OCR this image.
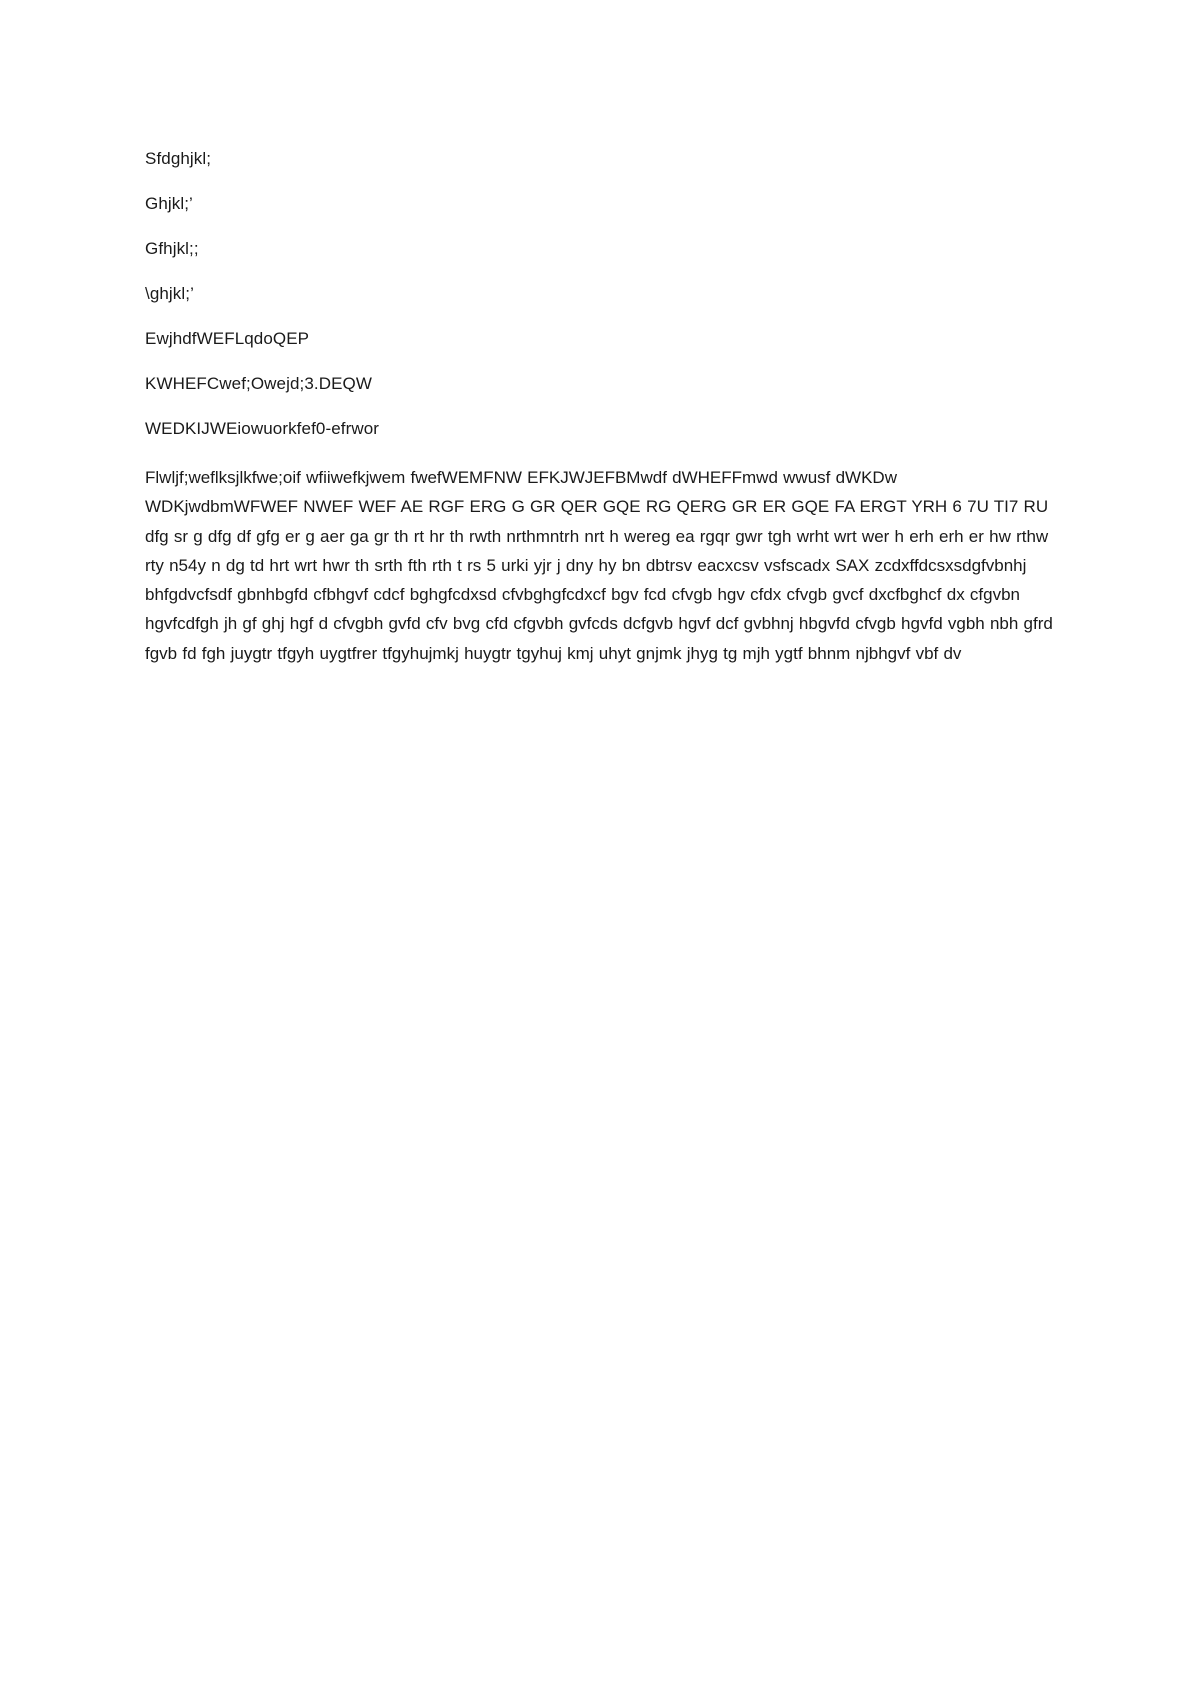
Sfdghjkl;

Ghjkl;’

Gfhjkl;;

\ghjkl;’

EwjhdfWEFLqdoQEP

KWHEFCwef;Owejd;3.DEQW

WEDKIJWEiowuorkfef0-efrwor

Flwljf;weflksjlkfwe;oif wfiiwefkjwem fwefWEMFNW EFKJWJEFBMwdf dWHEFFmwd wwusf dWKDw WDKjwdbmWFWEF NWEF WEF AE RGF ERG G GR QER GQE RG QERG GR ER GQE FA ERGT YRH 6 7U TI7 RU dfg sr g dfg df gfg er g aer ga gr th rt hr th rwth nrthmntrh nrt h wereg ea rgqr gwr tgh wrht wrt wer h erh erh er hw rthw rty n54y n dg td hrt wrt hwr th srth fth rth t rs 5 urki yjr j dny hy bn dbtrsv eacxcsv vsfscadx SAX zcdxffdcsxsdgfvbnhj bhfgdvcfsdf gbnhbgfd cfbhgvf cdcf bghgfcdxsd cfvbghgfcdxcf bgv fcd cfvgb hgv cfdx cfvgb gvcf dxcfbghcf dx cfgvbn hgvfcdfgh jh gf ghj hgf d cfvgbh gvfd cfv bvg cfd cfgvbh gvfcds dcfgvb hgvf dcf gvbhnj hbgvfd cfvgb hgvfd vgbh nbh gfrd fgvb fd fgh juygtr tfgyh uygtfrer tfgyhujmkj huygtr tgyhuj kmj uhyt gnjmk jhyg tg mjh ygtf bhnm njbhgvf vbf dv
